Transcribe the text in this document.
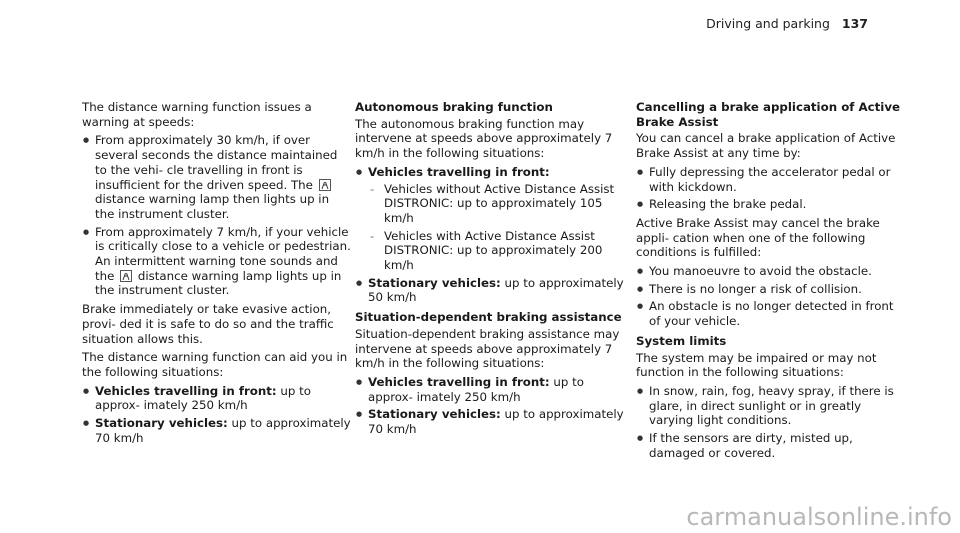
Driving and parking 137

The distance warning function issues a warning at speeds:

● From approximately 30 km/h, if over several seconds the distance maintained to the vehi- cle travelling in front is insufficient for the driven speed. The
distance warning lamp then lights up in the instrument cluster.
● From approximately 7 km/h, if your vehicle is critically close to a vehicle or pedestrian. An intermittent warning tone sounds and the distance warning lamp lights up in the instrument cluster.

Brake immediately or take evasive action, provi- ded it is safe to do so and the traffic situation allows this.

The distance warning function can aid you in the following situations:

● Vehicles travelling in front: up to approx- imately 250 km/h
● Stationary vehicles: up to approximately 70 km/h
Autonomous braking function

The autonomous braking function may intervene at speeds above approximately 7 km/h in the following situations:

● Vehicles travelling in front:
- Vehicles without Active Distance Assist DISTRONIC: up to approximately 105 km/h
- Vehicles with Active Distance Assist DISTRONIC: up to approximately 200 km/h
● Stationary vehicles: up to approximately 50 km/h
Situation-dependent braking assistance

Situation-dependent braking assistance may intervene at speeds above approximately 7 km/h in the following situations:

● Vehicles travelling in front: up to approx- imately 250 km/h
● Stationary vehicles: up to approximately 70 km/h
Cancelling a brake application of Active Brake Assist

You can cancel a brake application of Active Brake Assist at any time by:

● Fully depressing the accelerator pedal or with kickdown.
● Releasing the brake pedal.

Active Brake Assist may cancel the brake appli- cation when one of the following conditions is fulfilled:

● You manoeuvre to avoid the obstacle.
● There is no longer a risk of collision.
● An obstacle is no longer detected in front of your vehicle.
System limits

The system may be impaired or may not function in the following situations:

● In snow, rain, fog, heavy spray, if there is glare, in direct sunlight or in greatly varying light conditions.
● If the sensors are dirty, misted up, damaged or covered.
carmanualsonline.info
